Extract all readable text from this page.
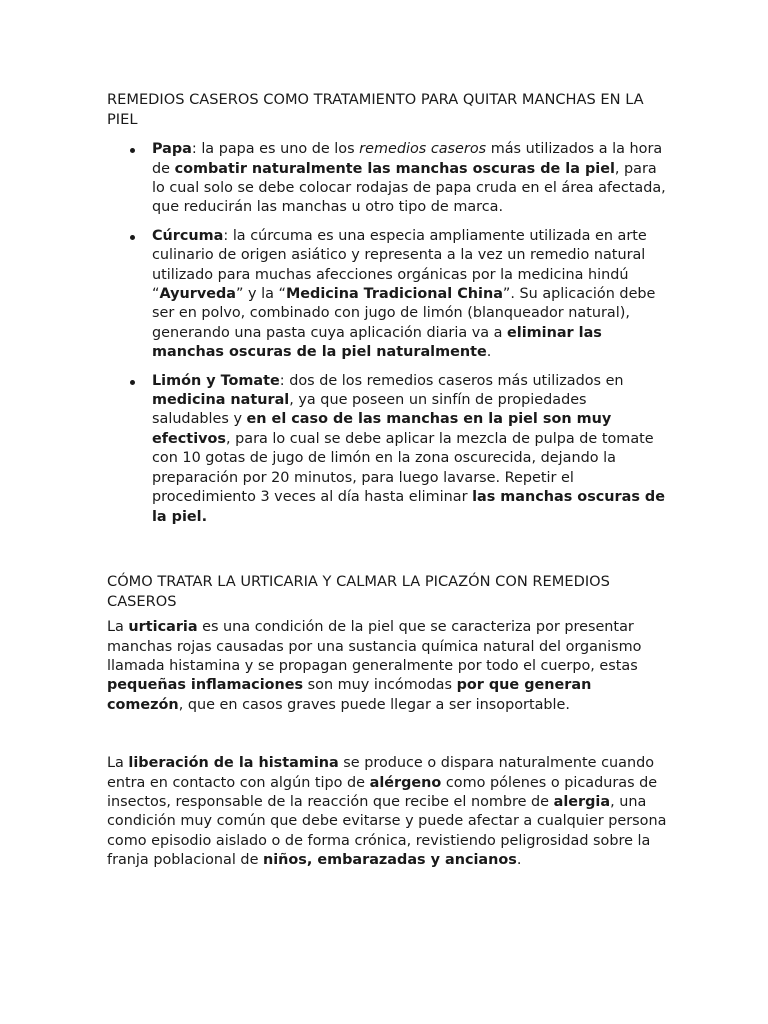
REMEDIOS CASEROS COMO TRATAMIENTO PARA QUITAR MANCHAS EN LA PIEL
Papa: la papa es uno de los remedios caseros más utilizados a la hora de combatir naturalmente las manchas oscuras de la piel, para lo cual solo se debe colocar rodajas de papa cruda en el área afectada, que reducirán las manchas u otro tipo de marca.
Cúrcuma: la cúrcuma es una especia ampliamente utilizada en arte culinario de origen asiático y representa a la vez un remedio natural utilizado para muchas afecciones orgánicas por la medicina hindú “Ayurveda” y la “Medicina Tradicional China”. Su aplicación debe ser en polvo, combinado con jugo de limón (blanqueador natural), generando una pasta cuya aplicación diaria va a eliminar las manchas oscuras de la piel naturalmente.
Limón y Tomate: dos de los remedios caseros más utilizados en medicina natural, ya que poseen un sinfín de propiedades saludables y en el caso de las manchas en la piel son muy efectivos, para lo cual se debe aplicar la mezcla de pulpa de tomate con 10 gotas de jugo de limón en la zona oscurecida, dejando la preparación por 20 minutos, para luego lavarse. Repetir el procedimiento 3 veces al día hasta eliminar las manchas oscuras de la piel.
CÓMO TRATAR LA URTICARIA Y CALMAR LA PICAZÓN CON REMEDIOS CASEROS

La urticaria es una condición de la piel que se caracteriza por presentar manchas rojas causadas por una sustancia química natural del organismo llamada histamina y se propagan generalmente por todo el cuerpo, estas pequeñas inflamaciones son muy incómodas por que generan comezón, que en casos graves puede llegar a ser insoportable.

La liberación de la histamina se produce o dispara naturalmente cuando entra en contacto con algún tipo de alérgeno como pólenes o picaduras de insectos, responsable de la reacción que recibe el nombre de alergia, una condición muy común que debe evitarse y puede afectar a cualquier persona como episodio aislado o de forma crónica, revistiendo peligrosidad sobre la franja poblacional de niños, embarazadas y ancianos.
